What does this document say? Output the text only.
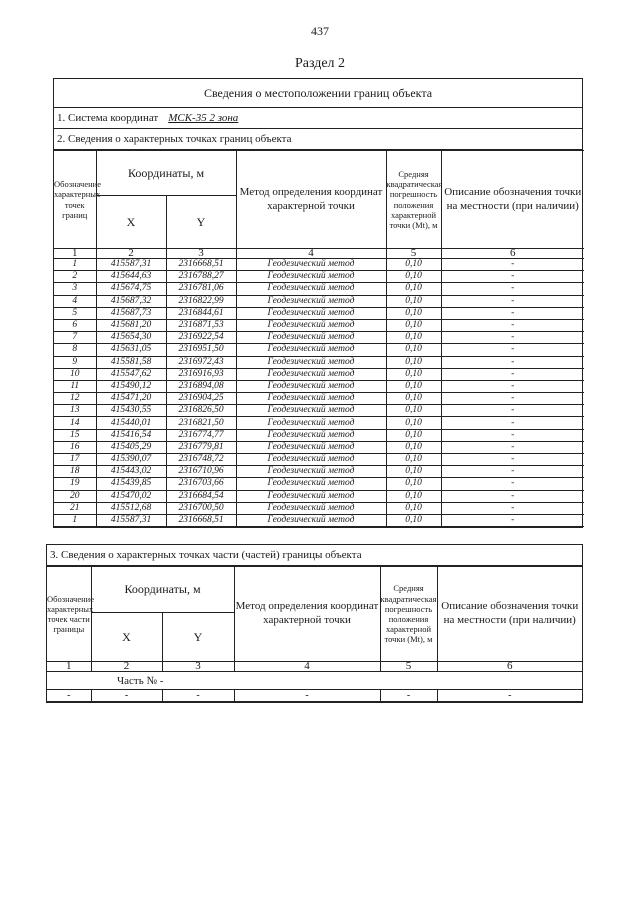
437
Раздел 2
Сведения о местоположении границ объекта
1. Система координат МСК-35 2 зона
2. Сведения о характерных точках границ объекта
Обозначение характерных точек границ	Координаты, м		Метод определения координат характерной точки	Средняя квадратическая погрешность положения характерной точки (Mt), м	Описание обозначения точки на местности (при наличии)
	X	Y			
1	2	3	4	5	6
1	415587,31	2316668,51	Геодезический метод	0,10	-
2	415644,63	2316788,27	Геодезический метод	0,10	-
3	415674,75	2316781,06	Геодезический метод	0,10	-
4	415687,32	2316822,99	Геодезический метод	0,10	-
5	415687,73	2316844,61	Геодезический метод	0,10	-
6	415681,20	2316871,53	Геодезический метод	0,10	-
7	415654,30	2316922,54	Геодезический метод	0,10	-
8	415631,05	2316951,50	Геодезический метод	0,10	-
9	415581,58	2316972,43	Геодезический метод	0,10	-
10	415547,62	2316916,93	Геодезический метод	0,10	-
11	415490,12	2316894,08	Геодезический метод	0,10	-
12	415471,20	2316904,25	Геодезический метод	0,10	-
13	415430,55	2316826,50	Геодезический метод	0,10	-
14	415440,01	2316821,50	Геодезический метод	0,10	-
15	415416,54	2316774,77	Геодезический метод	0,10	-
16	415405,29	2316779,81	Геодезический метод	0,10	-
17	415390,07	2316748,72	Геодезический метод	0,10	-
18	415443,02	2316710,96	Геодезический метод	0,10	-
19	415439,85	2316703,66	Геодезический метод	0,10	-
20	415470,02	2316684,54	Геодезический метод	0,10	-
21	415512,68	2316700,50	Геодезический метод	0,10	-
1	415587,31	2316668,51	Геодезический метод	0,10	-
3. Сведения о характерных точках части (частей) границы объекта
Обозначение характерных точек части границы	Координаты, м		Метод определения координат характерной точки	Средняя квадратическая погрешность положения характерной точки (Mt), м	Описание обозначения точки на местности (при наличии)
	X	Y			
1	2	3	4	5	6
Часть № -					
-	-	-	-	-	-
